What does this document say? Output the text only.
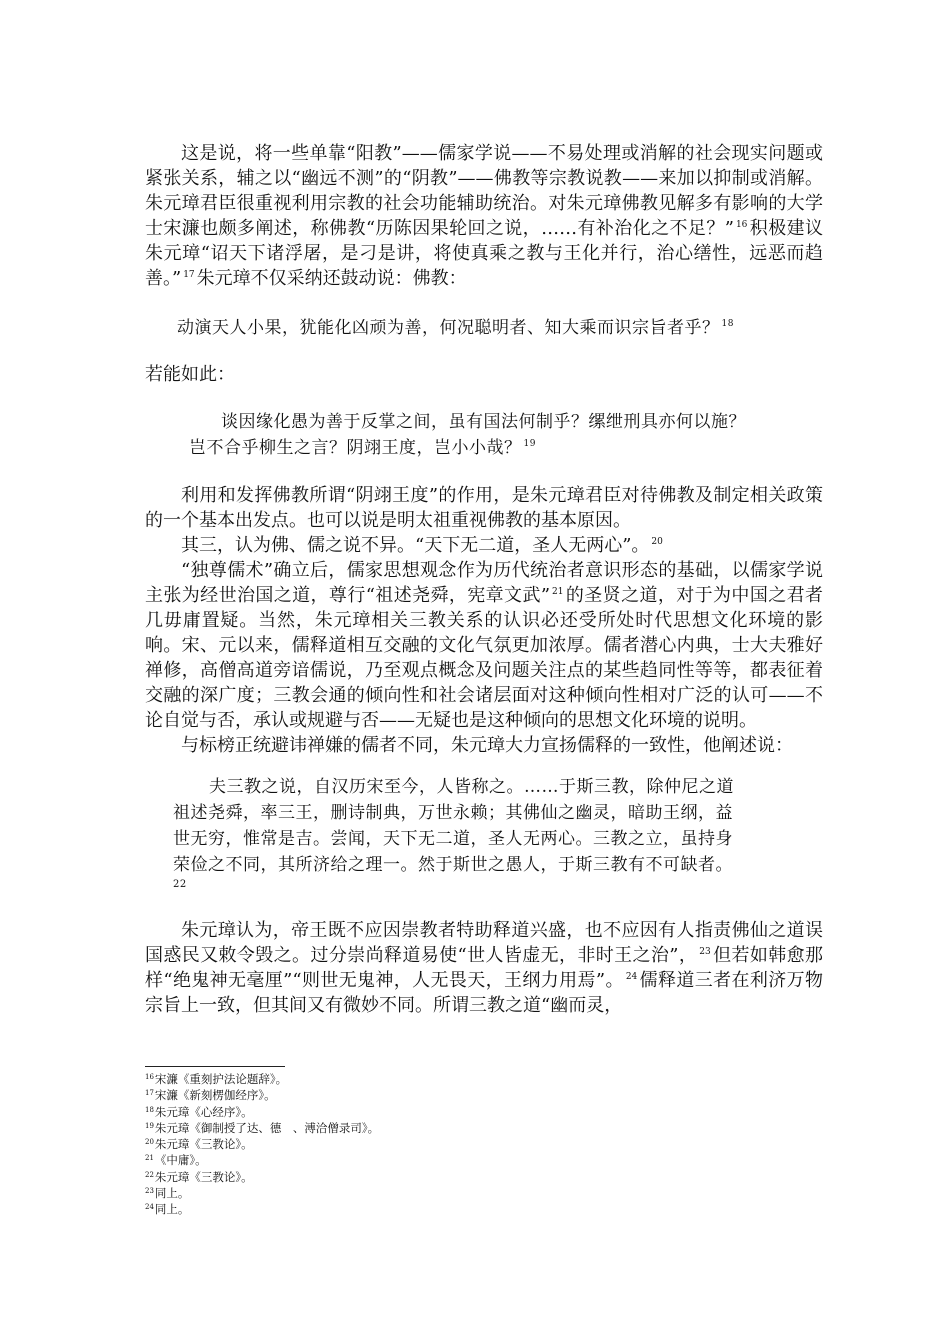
这是说，将一些单靠“阳教”——儒家学说——不易处理或消解的社会现实问题或紧张关系，辅之以“幽远不测”的“阴教”——佛教等宗教说教——来加以抑制或消解。朱元璋君臣很重视利用宗教的社会功能辅助统治。对朱元璋佛教见解多有影响的大学士宋濂也颇多阐述，称佛教“历陈因果轮回之说，……有补治化之不足？” $^{16}$ 积极建议朱元璋“诏天下诸浮屠，是刁是讲，将使真乘之教与王化并行，治心缮性，远恶而趋善。” $^{17}$ 朱元璋不仅采纳还鼓动说：佛教：

动演天人小果，犹能化凶顽为善，何况聪明者、知大乘而识宗旨者乎？ $^{18}$

若能如此：

谈因缘化愚为善于反掌之间，虽有国法何制乎？缧绁刑具亦何以施？

岂不合乎柳生之言？阴翊王度，岂小小哉？ $^{19}$

利用和发挥佛教所谓“阴翊王度”的作用，是朱元璋君臣对待佛教及制定相关政策的一个基本出发点。也可以说是明太祖重视佛教的基本原因。

其三，认为佛、儒之说不异。“天下无二道，圣人无两心”。 $^{20}$

“独尊儒术”确立后，儒家思想观念作为历代统治者意识形态的基础，以儒家学说主张为经世治国之道，尊行“祖述尧舜，宪章文武” $^{21}$ 的圣贤之道，对于为中国之君者几毋庸置疑。当然，朱元璋相关三教关系的认识必还受所处时代思想文化环境的影响。宋、元以来，儒释道相互交融的文化气氛更加浓厚。儒者潜心内典，士大夫雅好禅修，高僧高道旁谙儒说，乃至观点概念及问题关注点的某些趋同性等等，都表征着交融的深广度；三教会通的倾向性和社会诸层面对这种倾向性相对广泛的认可——不论自觉与否，承认或规避与否——无疑也是这种倾向的思想文化环境的说明。

与标榜正统避讳禅嫌的儒者不同，朱元璋大力宣扬儒释的一致性，他阐述说：

夫三教之说，自汉历宋至今，人皆称之。……于斯三教，除仲尼之道

祖述尧舜，率三王，删诗制典，万世永赖；其佛仙之幽灵，暗助王纲，益

世无穷，惟常是吉。尝闻，天下无二道，圣人无两心。三教之立，虽持身

荣俭之不同，其所济给之理一。然于斯世之愚人，于斯三教有不可缺者。

22

朱元璋认为，帝王既不应因崇教者特助释道兴盛，也不应因有人指责佛仙之道误国惑民又敕令毁之。过分崇尚释道易使“世人皆虚无，非时王之治”， $^{23}$ 但若如韩愈那样“绝鬼神无毫厘”“则世无鬼神，人无畏天，王纲力用焉”。 $^{24}$ 儒释道三者在利济万物宗旨上一致，但其间又有微妙不同。所谓三教之道“幽而灵，

$^{16}$宋濂《重刻护法论题辞》。

$^{17}$宋濂《新刻楞伽经序》。

$^{18}$朱元璋《心经序》。

$^{19}$朱元璋《御制授了达、德　、溥洽僧录司》。

$^{20}$朱元璋《三教论》。

$^{21}$《中庸》。

$^{22}$朱元璋《三教论》。

$^{23}$同上。

$^{24}$同上。
